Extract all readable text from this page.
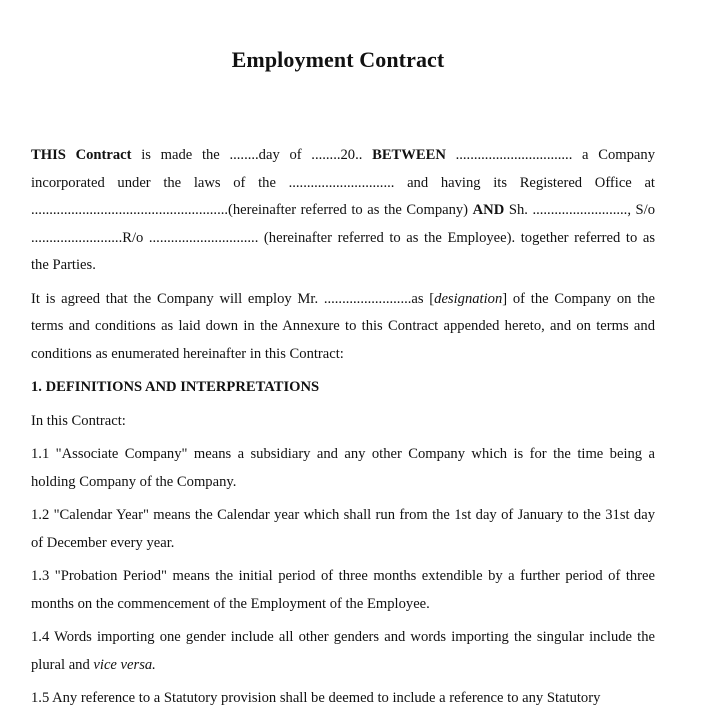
Employment Contract

THIS Contract is made the ........day of ........20.. BETWEEN ................................ a Company incorporated under the laws of the ............................. and having its Registered Office at ......................................................(hereinafter referred to as the Company) AND Sh. .........................., S/o .........................R/o .............................. (hereinafter referred to as the Employee). together referred to as the Parties.

It is agreed that the Company will employ Mr. ........................as [designation] of the Company on the terms and conditions as laid down in the Annexure to this Contract appended hereto, and on terms and conditions as enumerated hereinafter in this Contract:

1. DEFINITIONS AND INTERPRETATIONS

In this Contract:

1.1 "Associate Company" means a subsidiary and any other Company which is for the time being a holding Company of the Company.

1.2 "Calendar Year" means the Calendar year which shall run from the 1st day of January to the 31st day of December every year.

1.3 "Probation Period" means the initial period of three months extendible by a further period of three months on the commencement of the Employment of the Employee.

1.4 Words importing one gender include all other genders and words importing the singular include the plural and vice versa.

1.5 Any reference to a Statutory provision shall be deemed to include a reference to any Statutory
